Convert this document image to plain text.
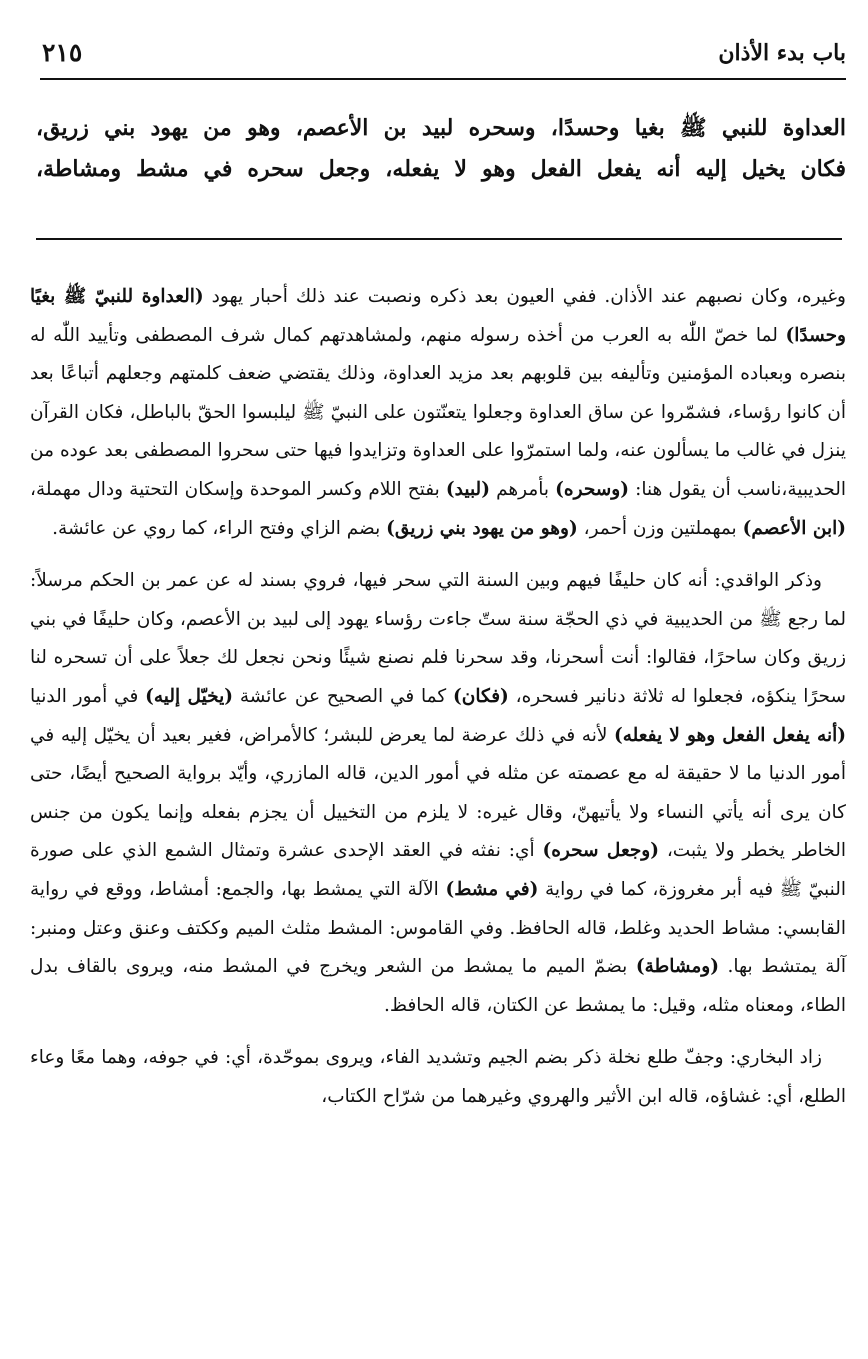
باب بدء الأذان
٢١٥

العداوة للنبي ﷺ بغيا وحسدًا، وسحره لبيد بن الأعصم، وهو من يهود بني زريق،

فكان يخيل إليه أنه يفعل الفعل وهو لا يفعله، وجعل سحره في مشط ومشاطة،

وغيره، وكان نصبهم عند الأذان. ففي العيون بعد ذكره ونصبت عند ذلك أحبار يهود (العداوة للنبيّ ﷺ بغيًا وحسدًا) لما خصّ اللّٰه به العرب من أخذه رسوله منهم، ولمشاهدتهم كمال شرف المصطفى وتأييد اللّٰه له بنصره وبعباده المؤمنين وتأليفه بين قلوبهم بعد مزيد العداوة، وذلك يقتضي ضعف كلمتهم وجعلهم أتباعًا بعد أن كانوا رؤساء، فشمّروا عن ساق العداوة وجعلوا يتعنّتون على النبيّ ﷺ ليلبسوا الحقّ بالباطل، فكان القرآن ينزل في غالب ما يسألون عنه، ولما استمرّوا على العداوة وتزايدوا فيها حتى سحروا المصطفى بعد عوده من الحديبية،ناسب أن يقول هنا: (وسحره) بأمرهم (لبيد) بفتح اللام وكسر الموحدة وإسكان التحتية ودال مهملة، (ابن الأعصم) بمهملتين وزن أحمر، (وهو من يهود بني زريق) بضم الزاي وفتح الراء، كما روي عن عائشة.

وذكر الواقدي: أنه كان حليفًا فيهم وبين السنة التي سحر فيها، فروي بسند له عن عمر بن الحكم مرسلاً: لما رجع ﷺ من الحديبية في ذي الحجّة سنة ستّ جاءت رؤساء يهود إلى لبيد بن الأعصم، وكان حليفًا في بني زريق وكان ساحرًا، فقالوا: أنت أسحرنا، وقد سحرنا فلم نصنع شيئًا ونحن نجعل لك جعلاً على أن تسحره لنا سحرًا ينكؤه، فجعلوا له ثلاثة دنانير فسحره، (فكان) كما في الصحيح عن عائشة (يخيّل إليه) في أمور الدنيا (أنه يفعل الفعل وهو لا يفعله) لأنه في ذلك عرضة لما يعرض للبشر؛ كالأمراض، فغير بعيد أن يخيّل إليه في أمور الدنيا ما لا حقيقة له مع عصمته عن مثله في أمور الدين، قاله المازري، وأيّد برواية الصحيح أيضًا، حتى كان يرى أنه يأتي النساء ولا يأتيهنّ، وقال غيره: لا يلزم من التخييل أن يجزم بفعله وإنما يكون من جنس الخاطر يخطر ولا يثبت، (وجعل سحره) أي: نفثه في العقد الإحدى عشرة وتمثال الشمع الذي على صورة النبيّ ﷺ فيه أبر مغروزة، كما في رواية (في مشط) الآلة التي يمشط بها، والجمع: أمشاط، ووقع في رواية القابسي: مشاط الحديد وغلط، قاله الحافظ. وفي القاموس: المشط مثلث الميم وككتف وعنق وعتل ومنبر: آلة يمتشط بها. (ومشاطة) بضمّ الميم ما يمشط من الشعر ويخرج في المشط منه، ويروى بالقاف بدل الطاء، ومعناه مثله، وقيل: ما يمشط عن الكتان، قاله الحافظ.

زاد البخاري: وجفّ طلع نخلة ذكر بضم الجيم وتشديد الفاء، ويروى بموحّدة، أي: في جوفه، وهما معًا وعاء الطلع، أي: غشاؤه، قاله ابن الأثير والهروي وغيرهما من شرّاح الكتاب،
